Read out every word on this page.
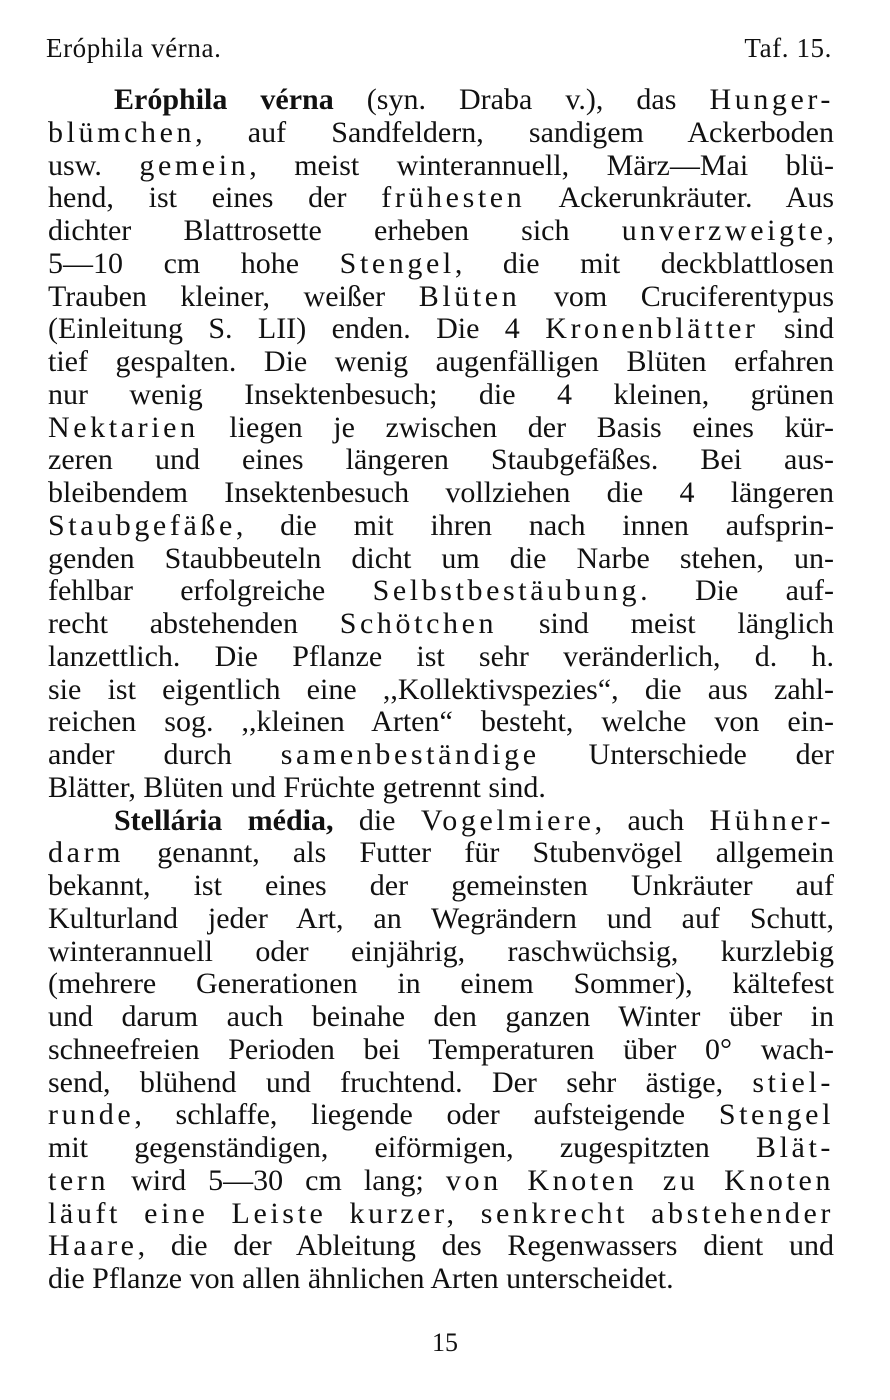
Eróphila vérna.	Taf. 15.
Eróphila vérna (syn. Draba v.), das Hunger-
blümchen, auf Sandfeldern, sandigem Ackerboden
usw. gemein, meist winterannuell, März—Mai blü-
hend, ist eines der frühesten Ackerunkräuter. Aus
dichter Blattrosette erheben sich unverzweigte,
5—10 cm hohe Stengel, die mit deckblattlosen
Trauben kleiner, weißer Blüten vom Cruciferentypus
(Einleitung S. LII) enden. Die 4 Kronenblätter sind
tief gespalten. Die wenig augenfälligen Blüten erfahren
nur wenig Insektenbesuch; die 4 kleinen, grünen
Nektarien liegen je zwischen der Basis eines kür-
zeren und eines längeren Staubgefäßes. Bei aus-
bleibendem Insektenbesuch vollziehen die 4 längeren
Staubgefäße, die mit ihren nach innen aufsprin-
genden Staubbeuteln dicht um die Narbe stehen, un-
fehlbar erfolgreiche Selbstbestäubung. Die auf-
recht abstehenden Schötchen sind meist länglich
lanzettlich. Die Pflanze ist sehr veränderlich, d. h.
sie ist eigentlich eine ,,Kollektivspezies“, die aus zahl-
reichen sog. ,,kleinen Arten“ besteht, welche von ein-
ander durch samenbeständige Unterschiede der
Blätter, Blüten und Früchte getrennt sind.
Stellária média, die Vogelmiere, auch Hühner-
darm genannt, als Futter für Stubenvögel allgemein
bekannt, ist eines der gemeinsten Unkräuter auf
Kulturland jeder Art, an Wegrändern und auf Schutt,
winterannuell oder einjährig, raschwüchsig, kurzlebig
(mehrere Generationen in einem Sommer), kältefest
und darum auch beinahe den ganzen Winter über in
schneefreien Perioden bei Temperaturen über 0° wach-
send, blühend und fruchtend. Der sehr ästige, stiel-
runde, schlaffe, liegende oder aufsteigende Stengel
mit gegenständigen, eiförmigen, zugespitzten Blät-
tern wird 5—30 cm lang; von Knoten zu Knoten
läuft eine Leiste kurzer, senkrecht abstehender
Haare, die der Ableitung des Regenwassers dient und
die Pflanze von allen ähnlichen Arten unterscheidet.
15
